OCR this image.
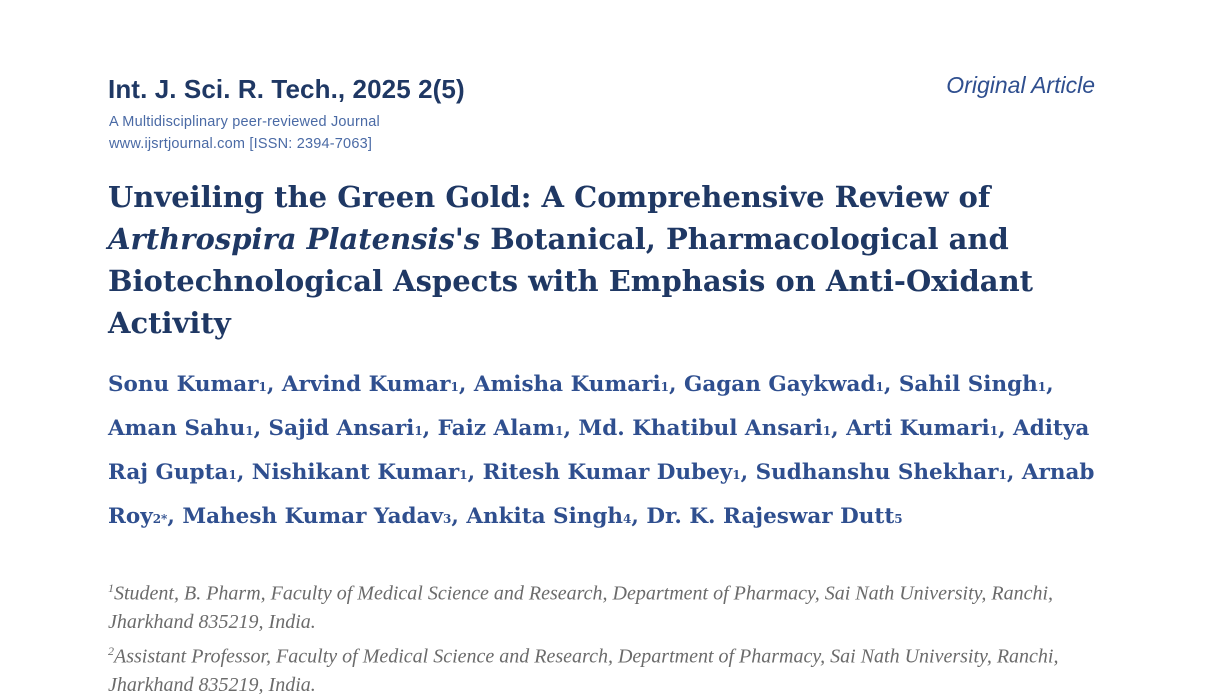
Int. J. Sci. R. Tech., 2025 2(5)	Original Article
A Multidisciplinary peer-reviewed Journal
www.ijsrtjournal.com [ISSN: 2394-7063]
Unveiling the Green Gold: A Comprehensive Review of Arthrospira Platensis's Botanical, Pharmacological and Biotechnological Aspects with Emphasis on Anti-Oxidant Activity

Sonu Kumar1, Arvind Kumar1, Amisha Kumari1, Gagan Gaykwad1, Sahil Singh1, Aman Sahu1, Sajid Ansari1, Faiz Alam1, Md. Khatibul Ansari1, Arti Kumari1, Aditya Raj Gupta1, Nishikant Kumar1, Ritesh Kumar Dubey1, Sudhanshu Shekhar1, Arnab Roy2*, Mahesh Kumar Yadav3, Ankita Singh4, Dr. K. Rajeswar Dutt5

$^1$Student, B. Pharm, Faculty of Medical Science and Research, Department of Pharmacy, Sai Nath University, Ranchi, Jharkhand 835219, India.

$^2$Assistant Professor, Faculty of Medical Science and Research, Department of Pharmacy, Sai Nath University, Ranchi, Jharkhand 835219, India.
